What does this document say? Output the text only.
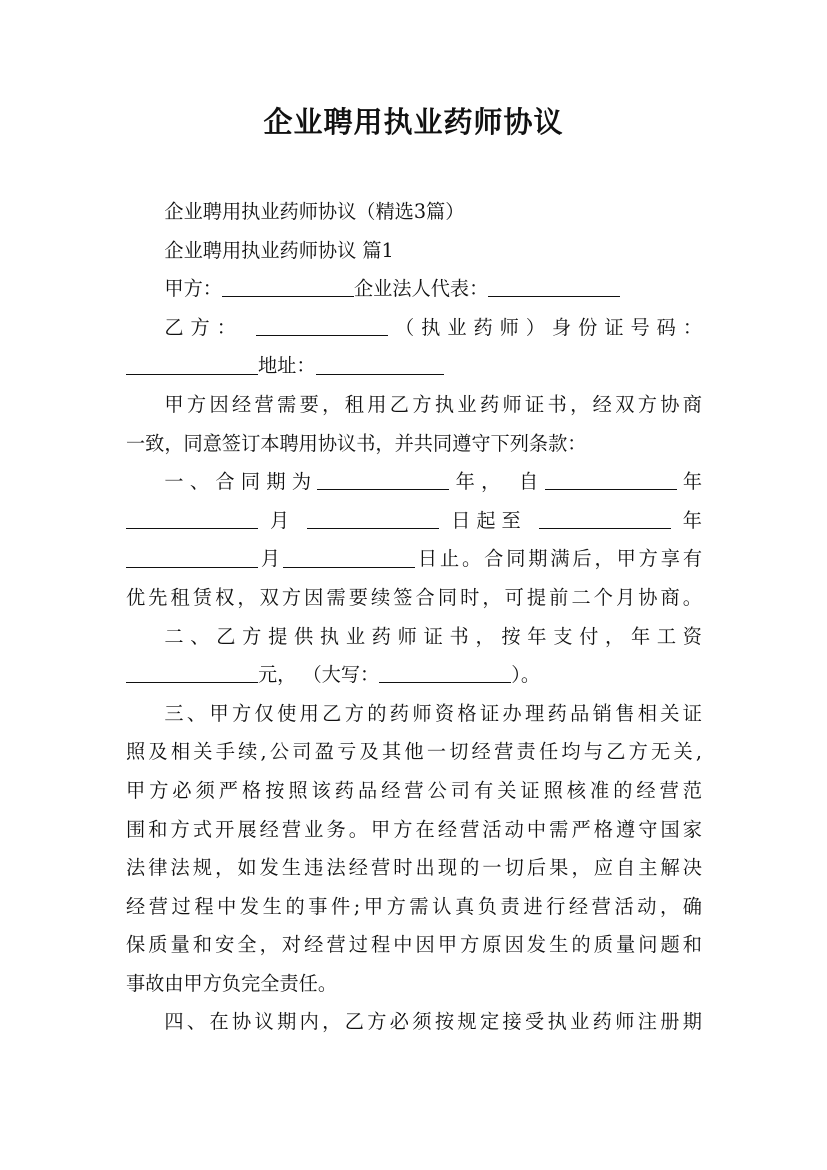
企业聘用执业药师协议
企业聘用执业药师协议（精选3篇）
企业聘用执业药师协议 篇1
甲方：	企业法人代表：
乙方：	（执业药师）身份证号码：
地址：
甲方因经营需要，租用乙方执业药师证书，经双方协商
一致，同意签订本聘用协议书，并共同遵守下列条款：
一、合同期为	年， 自	年
月	日起至	年
月	日止。合同期满后，甲方享有
优先租赁权，双方因需要续签合同时，可提前二个月协商。
二、乙方提供执业药师证书，按年支付，年工资
元， （大写：	）。
三、甲方仅使用乙方的药师资格证办理药品销售相关证
照及相关手续,公司盈亏及其他一切经营责任均与乙方无关,
甲方必须严格按照该药品经营公司有关证照核准的经营范
围和方式开展经营业务。甲方在经营活动中需严格遵守国家
法律法规，如发生违法经营时出现的一切后果，应自主解决
经营过程中发生的事件;甲方需认真负责进行经营活动，确
保质量和安全，对经营过程中因甲方原因发生的质量问题和
事故由甲方负完全责任。
四、在协议期内，乙方必须按规定接受执业药师注册期
